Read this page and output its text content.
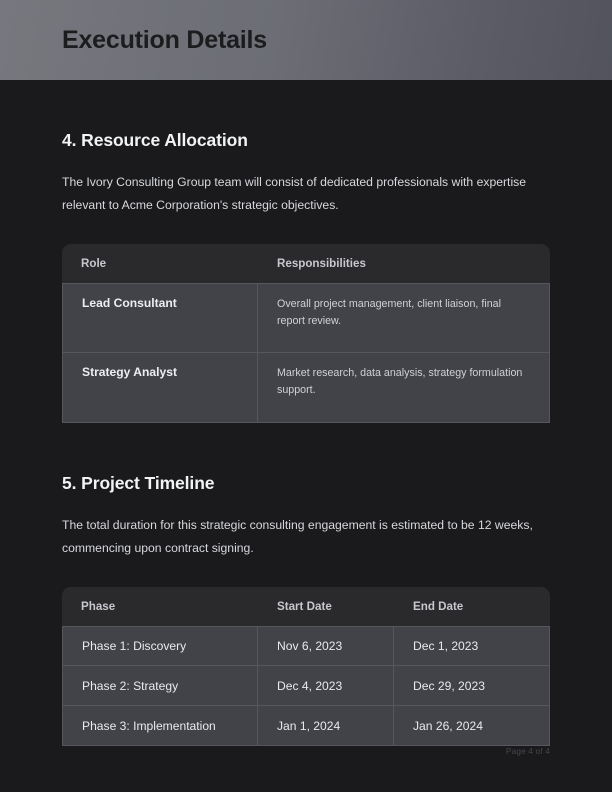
Execution Details
4. Resource Allocation

The Ivory Consulting Group team will consist of dedicated professionals with expertise relevant to Acme Corporation's strategic objectives.

Role	Responsibilities
Lead Consultant	Overall project management, client liaison, final report review.
Strategy Analyst	Market research, data analysis, strategy formulation support.
5. Project Timeline

The total duration for this strategic consulting engagement is estimated to be 12 weeks, commencing upon contract signing.

Phase	Start Date	End Date
Phase 1: Discovery	Nov 6, 2023	Dec 1, 2023
Phase 2: Strategy	Dec 4, 2023	Dec 29, 2023
Phase 3: Implementation	Jan 1, 2024	Jan 26, 2024
Page 4 of 4
